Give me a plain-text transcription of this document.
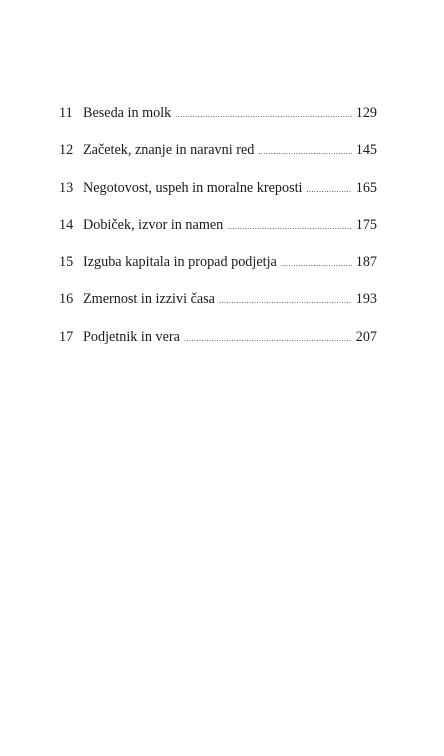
11 Beseda in molk .....	129
12 Začetek, znanje in naravni red .....	145
13 Negotovost, uspeh in moralne kreposti .....	165
14 Dobiček, izvor in namen .....	175
15 Izguba kapitala in propad podjetja .....	187
16 Zmernost in izzivi časa .....	193
17 Podjetnik in vera .....	207
